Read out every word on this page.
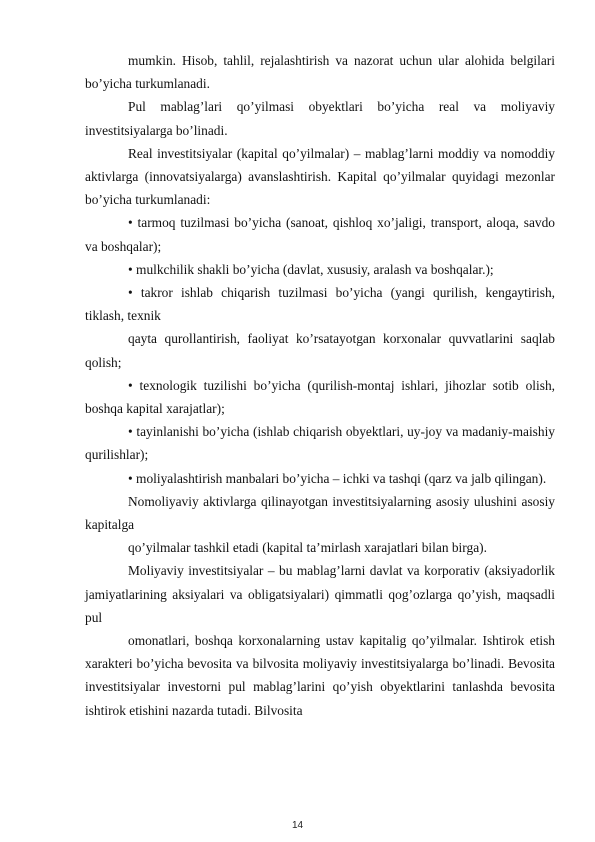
mumkin. Hisob, tahlil, rejalashtirish va nazorat uchun ular alohida belgilari bo’yicha turkumlanadi.

Pul mablag’lari qo’yilmasi obyektlari bo’yicha real va moliyaviy investitsiyalarga bo’linadi.

Real investitsiyalar (kapital qo’yilmalar) – mablag’larni moddiy va nomoddiy aktivlarga (innovatsiyalarga) avanslashtirish. Kapital qo’yilmalar quyidagi mezonlar bo’yicha turkumlanadi:

• tarmoq tuzilmasi bo’yicha (sanoat, qishloq xo’jaligi, transport, aloqa, savdo va boshqalar);

• mulkchilik shakli bo’yicha (davlat, xususiy, aralash va boshqalar.);

• takror ishlab chiqarish tuzilmasi bo’yicha (yangi qurilish, kengaytirish, tiklash, texnik

qayta qurollantirish, faoliyat ko’rsatayotgan korxonalar quvvatlarini saqlab qolish;

• texnologik tuzilishi bo’yicha (qurilish-montaj ishlari, jihozlar sotib olish, boshqa kapital xarajatlar);

• tayinlanishi bo’yicha (ishlab chiqarish obyektlari, uy-joy va madaniy-maishiy qurilishlar);

• moliyalashtirish manbalari bo’yicha – ichki va tashqi (qarz va jalb qilingan).

Nomoliyaviy aktivlarga qilinayotgan investitsiyalarning asosiy ulushini asosiy kapitalga

qo’yilmalar tashkil etadi (kapital ta’mirlash xarajatlari bilan birga).

Moliyaviy investitsiyalar – bu mablag’larni davlat va korporativ (aksiyadorlik jamiyatlarining aksiyalari va obligatsiyalari) qimmatli qog’ozlarga qo’yish, maqsadli pul

omonatlari, boshqa korxonalarning ustav kapitalig qo’yilmalar. Ishtirok etish xarakteri bo’yicha bevosita va bilvosita moliyaviy investitsiyalarga bo’linadi. Bevosita investitsiyalar investorni pul mablag’larini qo’yish obyektlarini tanlashda bevosita ishtirok etishini nazarda tutadi. Bilvosita

14
